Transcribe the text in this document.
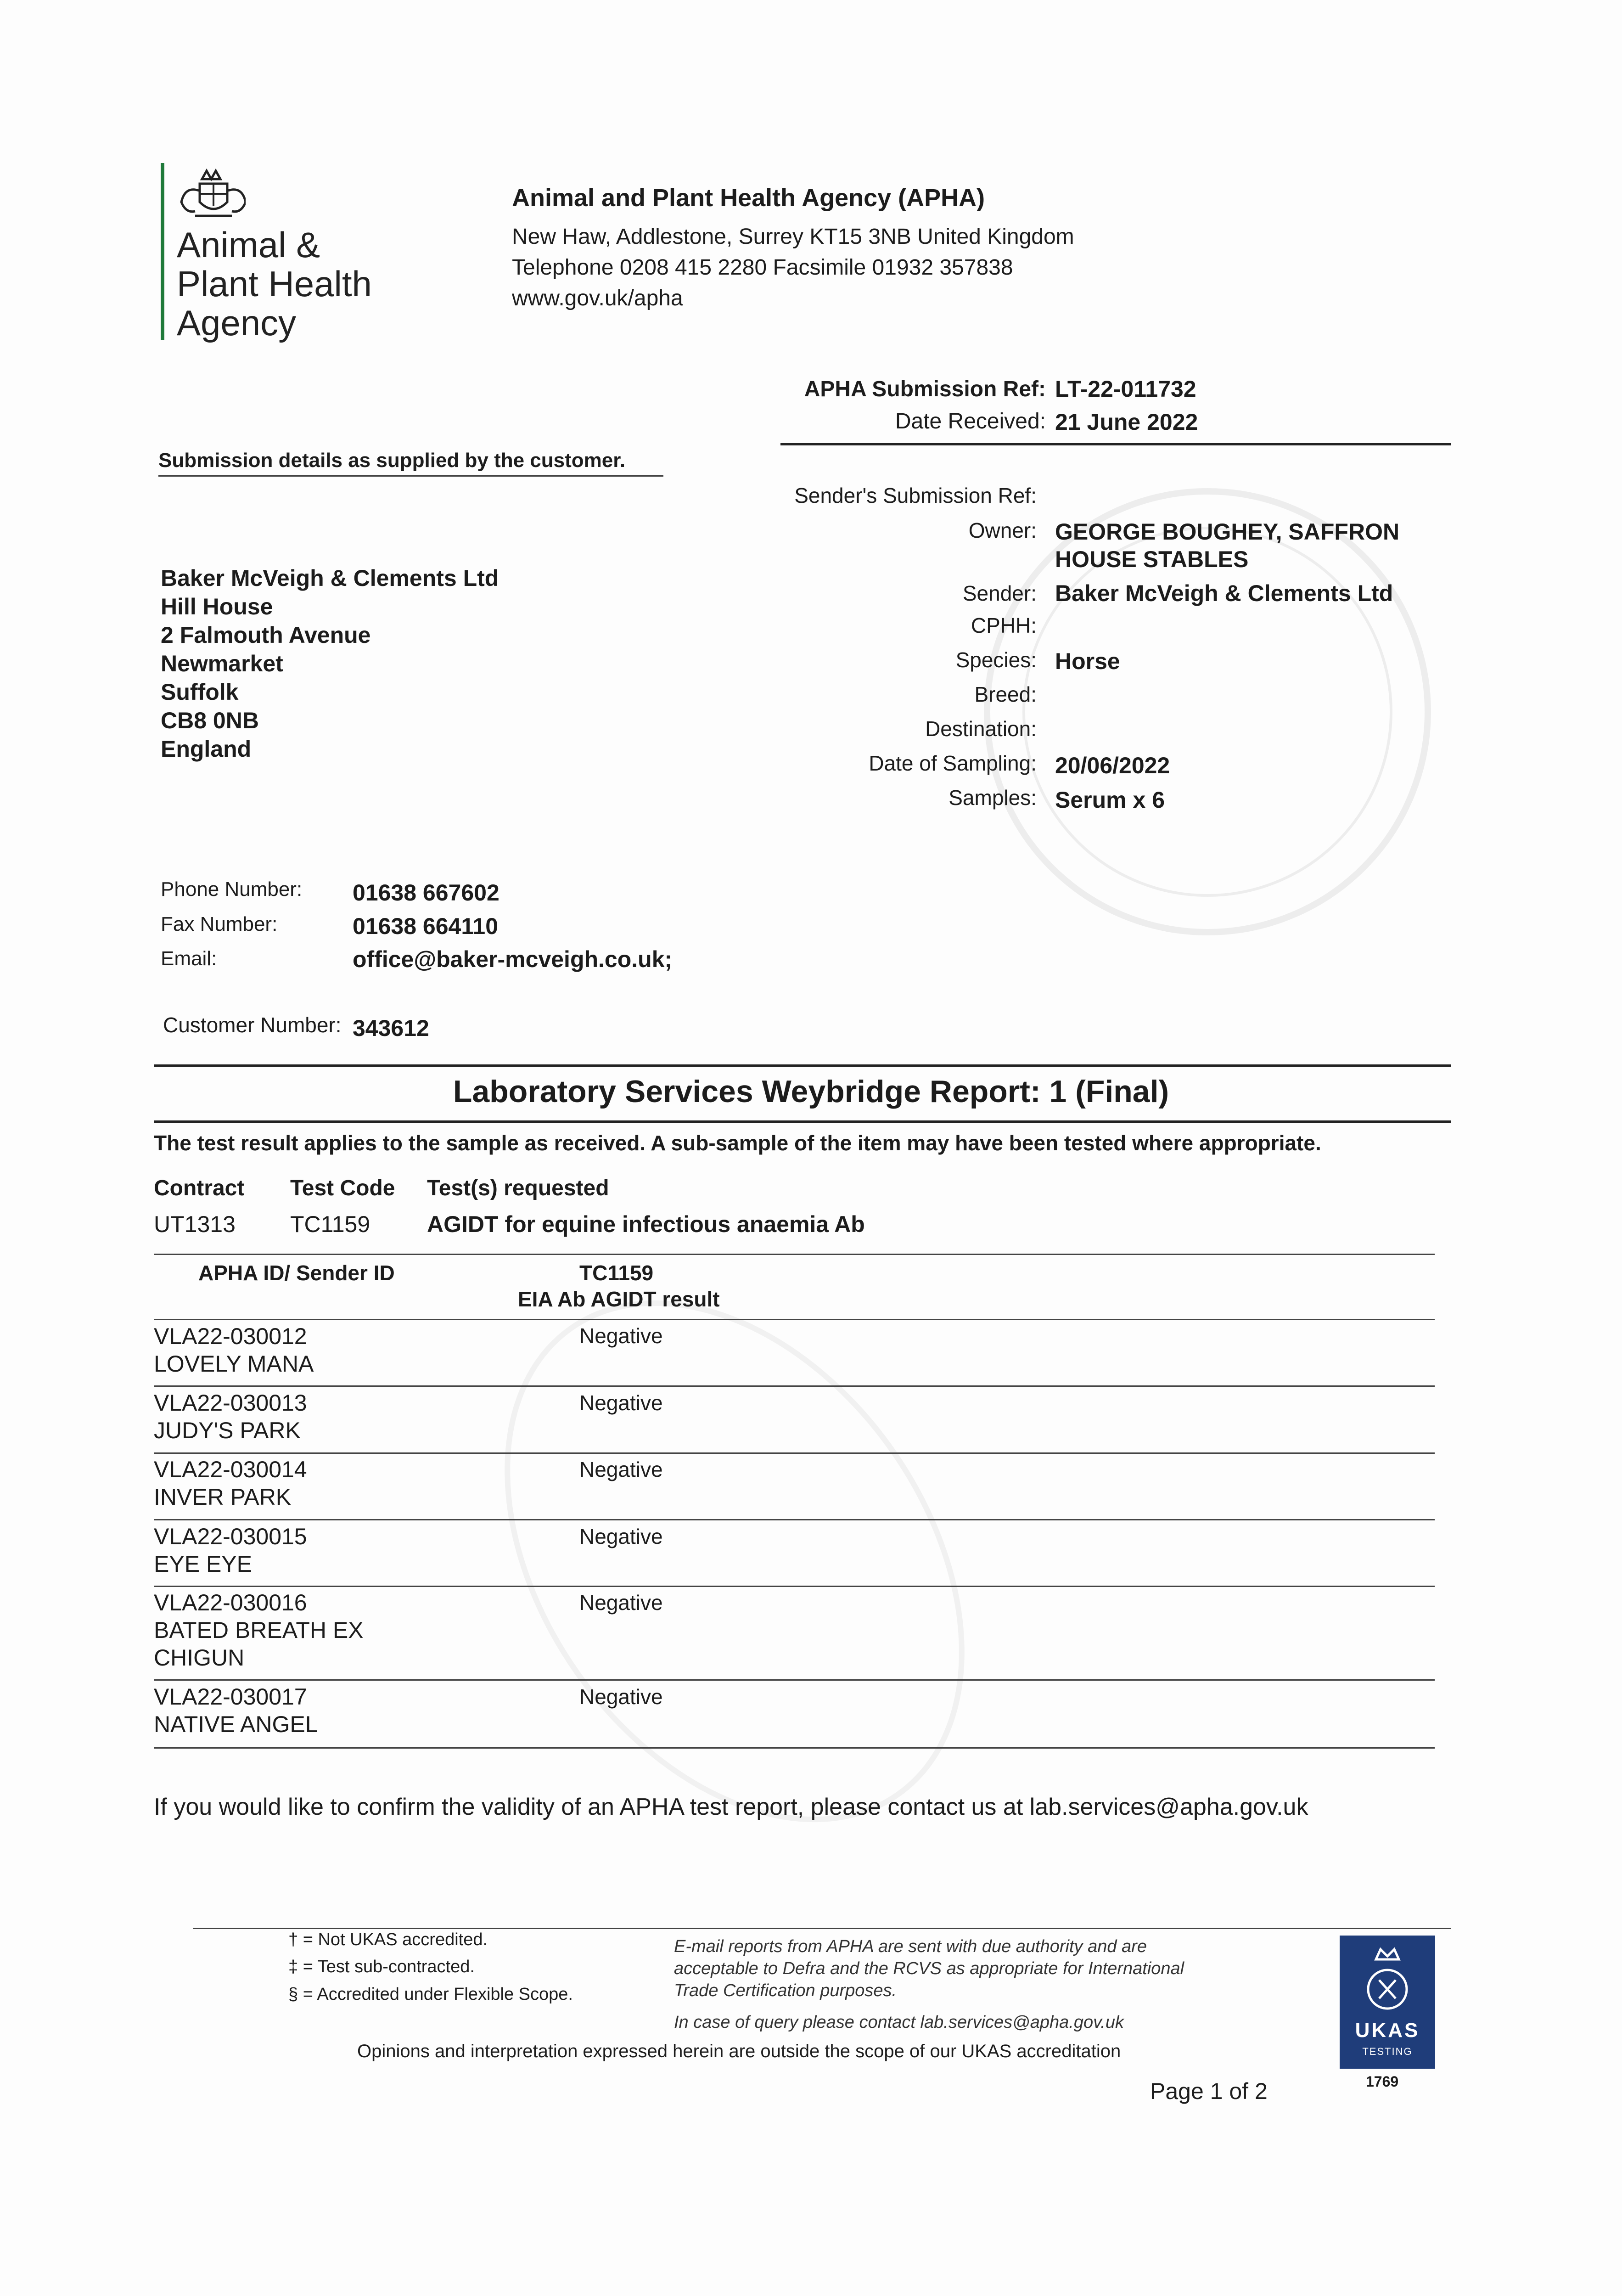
Animal &
Plant Health
Agency
Animal and Plant Health Agency (APHA)
New Haw, Addlestone, Surrey KT15 3NB United Kingdom
Telephone 0208 415 2280 Facsimile 01932 357838
www.gov.uk/apha
APHA Submission Ref: LT-22-011732
Date Received: 21 June 2022
Submission details as supplied by the customer.
Baker McVeigh & Clements Ltd
Hill House
2 Falmouth Avenue
Newmarket
Suffolk
CB8 0NB
England
Sender's Submission Ref:
Owner: GEORGE BOUGHEY, SAFFRON
HOUSE STABLES
Sender: Baker McVeigh & Clements Ltd
CPHH:
Species: Horse
Breed:
Destination:
Date of Sampling: 20/06/2022
Samples: Serum x 6
Phone Number: 01638 667602
Fax Number:	01638 664110
Email:	office@baker-mcveigh.co.uk;
Customer Number: 343612
Laboratory Services Weybridge Report: 1 (Final)
The test result applies to the sample as received. A sub-sample of the item may have been tested where appropriate.
Contract Test Code Test(s) requested
UT1313 TC1159 AGIDT for equine infectious anaemia Ab
APHA ID/ Sender ID	TC1159
EIA Ab AGIDT result
VLA22-030012
LOVELY MANA
Negative
VLA22-030013
JUDY'S PARK
Negative
VLA22-030014
INVER PARK
Negative
VLA22-030015
EYE EYE
Negative
VLA22-030016
BATED BREATH EX
CHIGUN
Negative
VLA22-030017
NATIVE ANGEL
Negative
If you would like to confirm the validity of an APHA test report, please contact us at lab.services@apha.gov.uk
† = Not UKAS accredited.
‡ = Test sub-contracted.
§ = Accredited under Flexible Scope.
E-mail reports from APHA are sent with due authority and are
acceptable to Defra and the RCVS as appropriate for International
Trade Certification purposes.
In case of query please contact lab.services@apha.gov.uk
Opinions and interpretation expressed herein are outside the scope of our UKAS accreditation
Page 1 of 2
UKAS
TESTING
1769
